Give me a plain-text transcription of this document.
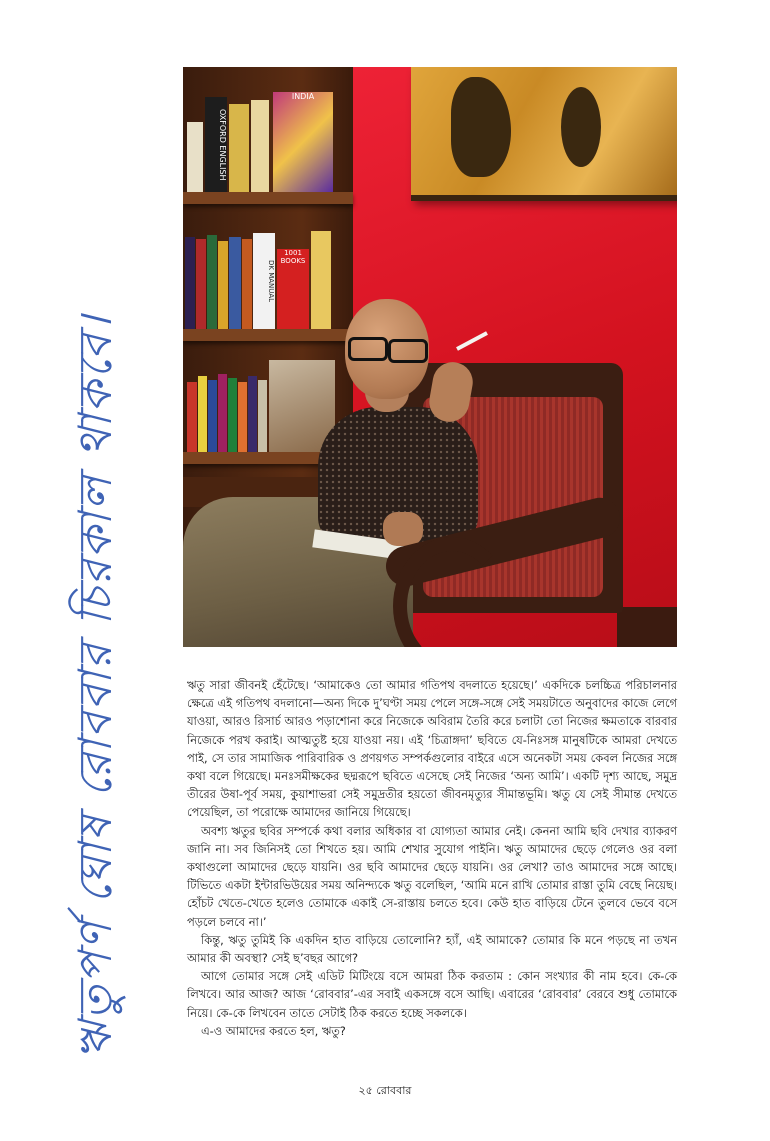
ঋতুপর্ণ ঘোষ রোববার চিরকাল থাকবে।
OXFORD ENGLISH
INDIA
DK MANUAL
1001 BOOKS

ঋতু সারা জীবনই হেঁটেছে। ‘আমাকেও তো আমার গতিপথ বদলাতে হয়েছে।’ একদিকে চলচ্চিত্র পরিচালনার ক্ষেত্রে এই গতিপথ বদলানো—অন্য দিকে দু’ঘণ্টা সময় পেলে সঙ্গে-সঙ্গে সেই সময়টাতে অনুবাদের কাজে লেগে যাওয়া, আরও রিসার্চ আরও পড়াশোনা করে নিজেকে অবিরাম তৈরি করে চলাটা তো নিজের ক্ষমতাকে বারবার নিজেকে পরখ করাই। আত্মতুষ্ট হয়ে যাওয়া নয়। এই ‘চিত্রাঙ্গদা’ ছবিতে যে-নিঃসঙ্গ মানুষটিকে আমরা দেখতে পাই, সে তার সামাজিক পারিবারিক ও প্রণয়গত সম্পর্কগুলোর বাইরে এসে অনেকটা সময় কেবল নিজের সঙ্গে কথা বলে গিয়েছে। মনঃসমীক্ষকের ছদ্মরূপে ছবিতে এসেছে সেই নিজের ‘অন্য আমি’। একটি দৃশ্য আছে, সমুদ্র তীরের উষা-পূর্ব সময়, কুয়াশাভরা সেই সমুদ্রতীর হয়তো জীবনমৃত্যুর সীমান্তভূমি। ঋতু যে সেই সীমান্ত দেখতে পেয়েছিল, তা পরোক্ষে আমাদের জানিয়ে গিয়েছে।

অবশ্য ঋতুর ছবির সম্পর্কে কথা বলার অধিকার বা যোগ্যতা আমার নেই। কেননা আমি ছবি দেখার ব্যাকরণ জানি না। সব জিনিসই তো শিখতে হয়। আমি শেখার সুযোগ পাইনি। ঋতু আমাদের ছেড়ে গেলেও ওর বলা কথাগুলো আমাদের ছেড়ে যায়নি। ওর ছবি আমাদের ছেড়ে যায়নি। ওর লেখা? তাও আমাদের সঙ্গে আছে। টিভিতে একটা ইন্টারভিউয়ের সময় অনিন্দ্যকে ঋতু বলেছিল, ‘আমি মনে রাখি তোমার রাস্তা তুমি বেছে নিয়েছ। হোঁচট খেতে-খেতে হলেও তোমাকে একাই সে-রাস্তায় চলতে হবে। কেউ হাত বাড়িয়ে টেনে তুলবে ভেবে বসে পড়লে চলবে না।’

কিন্তু, ঋতু তুমিই কি একদিন হাত বাড়িয়ে তোলোনি? হ্যাঁ, এই আমাকে? তোমার কি মনে পড়ছে না তখন আমার কী অবস্থা? সেই ছ’বছর আগে?

আগে তোমার সঙ্গে সেই এডিট মিটিংয়ে বসে আমরা ঠিক করতাম : কোন সংখ্যার কী নাম হবে। কে-কে লিখবে। আর আজ? আজ ‘রোববার’-এর সবাই একসঙ্গে বসে আছি। এবারের ‘রোববার’ বেরবে শুধু তোমাকে নিয়ে। কে-কে লিখবেন তাতে সেটাই ঠিক করতে হচ্ছে সকলকে।

এ-ও আমাদের করতে হল, ঋতু?

২৫ রোববার
